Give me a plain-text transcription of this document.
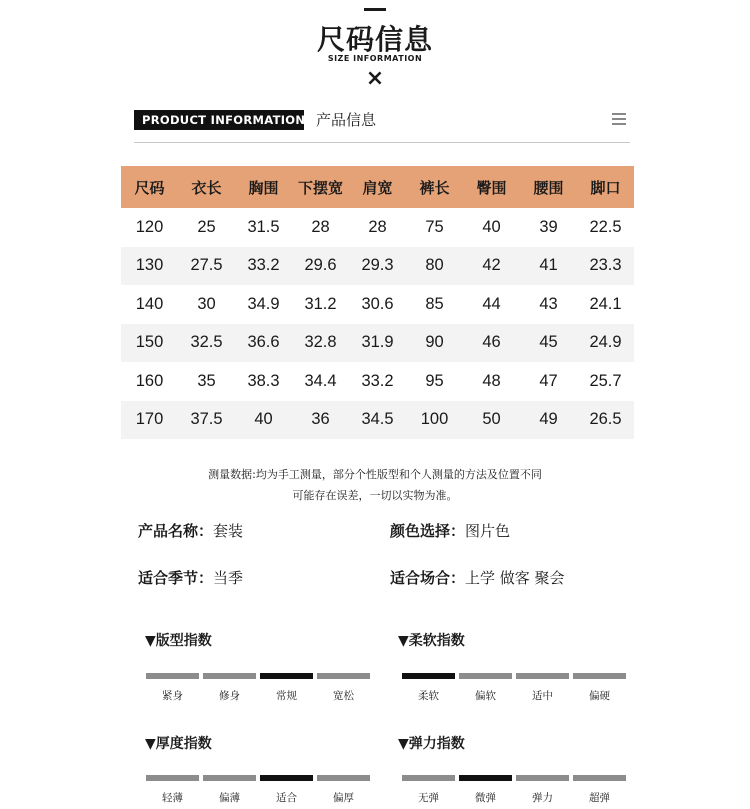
尺码信息
SIZE INFORMATION
×
PRODUCT INFORMATION 产品信息
尺码	衣长	胸围	下摆宽	肩宽	裤长	臀围	腰围	脚口
120	25	31.5	28	28	75	40	39	22.5
130	27.5	33.2	29.6	29.3	80	42	41	23.3
140	30	34.9	31.2	30.6	85	44	43	24.1
150	32.5	36.6	32.8	31.9	90	46	45	24.9
160	35	38.3	34.4	33.2	95	48	47	25.7
170	37.5	40	36	34.5	100	50	49	26.5
测量数据:均为手工测量，部分个性版型和个人测量的方法及位置不同
可能存在误差，一切以实物为准。
产品名称：套装	颜色选择：图片色
适合季节：当季	适合场合：上学 做客 聚会
▼版型指数
紧身	修身	常规	宽松
▼柔软指数
柔软	偏软	适中	偏硬
▼厚度指数
轻薄	偏薄	适合	偏厚
▼弹力指数
无弹	微弹	弹力	超弹
